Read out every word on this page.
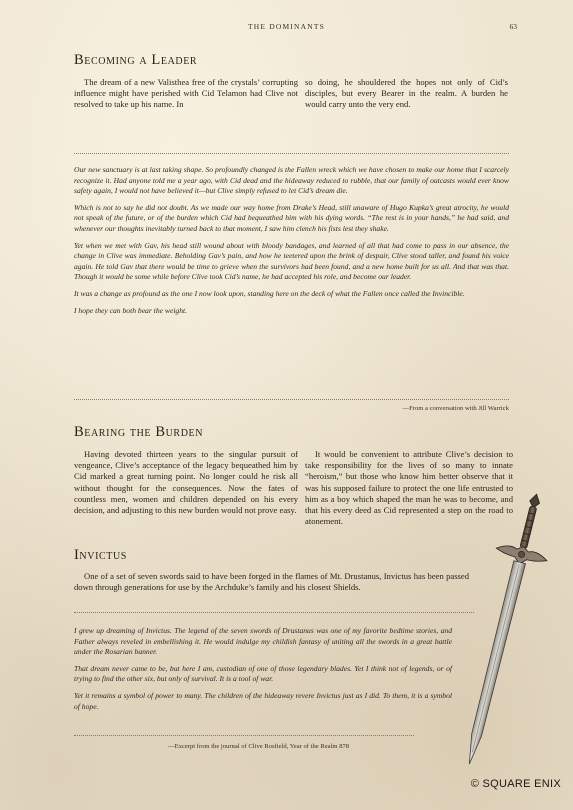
THE DOMINANTS	63
Becoming a Leader

The dream of a new Valisthea free of the crystals’ corrupting influence might have perished with Cid Telamon had Clive not resolved to take up his name. In

so doing, he shouldered the hopes not only of Cid’s disciples, but every Bearer in the realm. A burden he would carry unto the very end.

Our new sanctuary is at last taking shape. So profoundly changed is the Fallen wreck which we have chosen to make our home that I scarcely recognize it. Had anyone told me a year ago, with Cid dead and the hideaway reduced to rubble, that our family of outcasts would ever know safety again, I would not have believed it—but Clive simply refused to let Cid’s dream die.

Which is not to say he did not doubt. As we made our way home from Drake’s Head, still unaware of Hugo Kupka’s great atrocity, he would not speak of the future, or of the burden which Cid had bequeathed him with his dying words. “The rest is in your hands,” he had said, and whenever our thoughts inevitably turned back to that moment, I saw him clench his fists lest they shake.

Yet when we met with Gav, his head still wound about with bloody bandages, and learned of all that had come to pass in our absence, the change in Clive was immediate. Beholding Gav’s pain, and how he teetered upon the brink of despair, Clive stood taller, and found his voice again. He told Gav that there would be time to grieve when the survivors had been found, and a new home built for us all. And that was that. Though it would be some while before Clive took Cid’s name, he had accepted his role, and become our leader.

It was a change as profound as the one I now look upon, standing here on the deck of what the Fallen once called the Invincible.

I hope they can both bear the weight.

—From a conversation with Jill Warrick
Bearing the Burden

Having devoted thirteen years to the singular pursuit of vengeance, Clive’s acceptance of the legacy bequeathed him by Cid marked a great turning point. No longer could he risk all without thought for the consequences. Now the fates of countless men, women and children depended on his every decision, and adjusting to this new burden would not prove easy.

It would be convenient to attribute Clive’s decision to take responsibility for the lives of so many to innate “heroism,” but those who know him better observe that it was his supposed failure to protect the one life entrusted to him as a boy which shaped the man he was to become, and that his every deed as Cid represented a step on the road to atonement.

Invictus

One of a set of seven swords said to have been forged in the flames of Mt. Drustanus, Invictus has been passed down through generations for use by the Archduke’s family and his closest Shields.

I grew up dreaming of Invictus. The legend of the seven swords of Drustanus was one of my favorite bedtime stories, and Father always reveled in embellishing it. He would indulge my childish fantasy of uniting all the swords in a great battle under the Rosarian banner.

That dream never came to be, but here I am, custodian of one of those legendary blades. Yet I think not of legends, or of trying to find the other six, but only of survival. It is a tool of war.

Yet it remains a symbol of power to many. The children of the hideaway revere Invictus just as I did. To them, it is a symbol of hope.

—Excerpt from the journal of Clive Rosfield, Year of the Realm 878
© SQUARE ENIX
